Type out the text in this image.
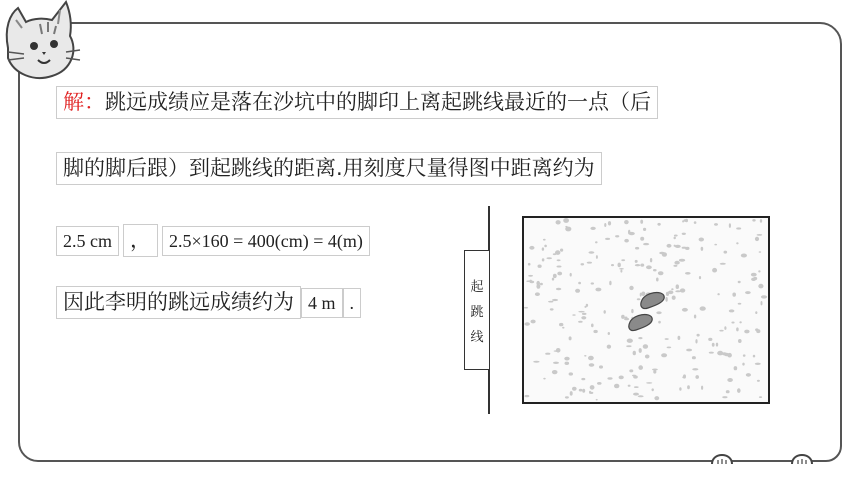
解：跳远成绩应是落在沙坑中的脚印上离起跳线最近的一点（后
脚的脚后跟）到起跳线的距离.用刻度尺量得图中距离约为
2.5 cm ，	2.5×160 = 400(cm) = 4(m)
因此李明的跳远成绩约为 4 m .
起
跳
线
